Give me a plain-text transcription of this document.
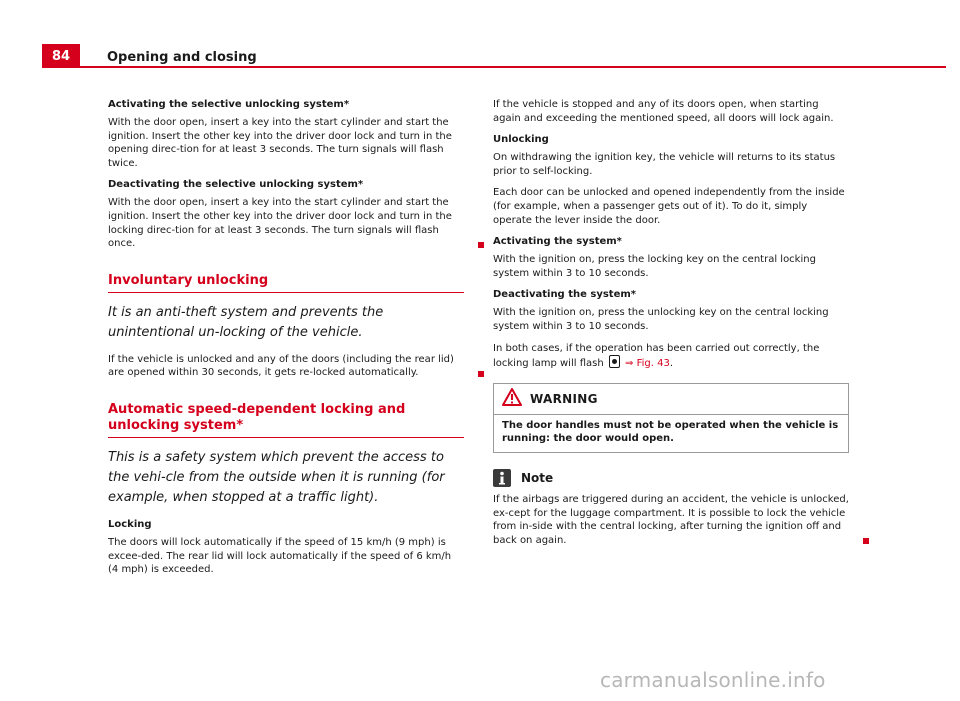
84	Opening and closing

Activating the selective unlocking system*

With the door open, insert a key into the start cylinder and start the ignition. Insert the other key into the driver door lock and turn in the opening direc-tion for at least 3 seconds. The turn signals will flash twice.

Deactivating the selective unlocking system*

With the door open, insert a key into the start cylinder and start the ignition. Insert the other key into the driver door lock and turn in the locking direc-tion for at least 3 seconds. The turn signals will flash once.

Involuntary unlocking

It is an anti-theft system and prevents the unintentional un-locking of the vehicle.

If the vehicle is unlocked and any of the doors (including the rear lid) are opened within 30 seconds, it gets re-locked automatically.

Automatic speed-dependent locking and unlocking system*

This is a safety system which prevent the access to the vehi-cle from the outside when it is running (for example, when stopped at a traffic light).

Locking

The doors will lock automatically if the speed of 15 km/h (9 mph) is excee-ded. The rear lid will lock automatically if the speed of 6 km/h (4 mph) is exceeded.

If the vehicle is stopped and any of its doors open, when starting again and exceeding the mentioned speed, all doors will lock again.

Unlocking

On withdrawing the ignition key, the vehicle will returns to its status prior to self-locking.

Each door can be unlocked and opened independently from the inside (for example, when a passenger gets out of it). To do it, simply operate the lever inside the door.

Activating the system*

With the ignition on, press the locking key on the central locking system within 3 to 10 seconds.

Deactivating the system*

With the ignition on, press the unlocking key on the central locking system within 3 to 10 seconds.

In both cases, if the operation has been carried out correctly, the locking lamp will flash ⇒ Fig. 43.

WARNING
The door handles must not be operated when the vehicle is running: the door would open.
Note

If the airbags are triggered during an accident, the vehicle is unlocked, ex-cept for the luggage compartment. It is possible to lock the vehicle from in-side with the central locking, after turning the ignition off and back on again.

carmanualsonline.info
